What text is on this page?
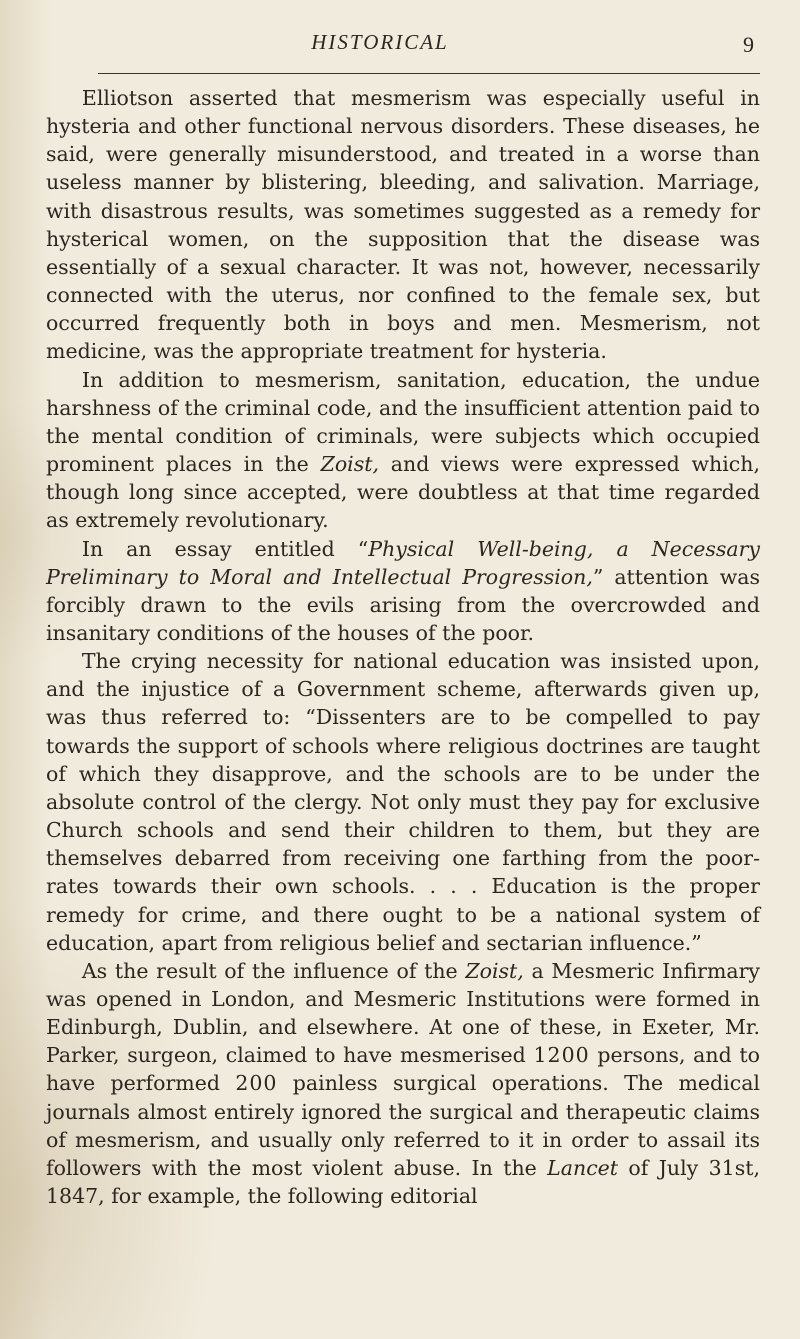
HISTORICAL	9

Elliotson asserted that mesmerism was especially useful in hysteria and other functional nervous disorders. These diseases, he said, were generally misunderstood, and treated in a worse than useless manner by blistering, bleeding, and salivation. Marriage, with disastrous results, was sometimes suggested as a remedy for hysterical women, on the supposition that the disease was essentially of a sexual character. It was not, however, necessarily connected with the uterus, nor confined to the female sex, but occurred frequently both in boys and men. Mesmerism, not medicine, was the appropriate treatment for hysteria.

In addition to mesmerism, sanitation, education, the undue harshness of the criminal code, and the insufficient attention paid to the mental condition of criminals, were subjects which occupied prominent places in the Zoist, and views were expressed which, though long since accepted, were doubtless at that time regarded as extremely revolutionary.

In an essay entitled “Physical Well-being, a Necessary Preliminary to Moral and Intellectual Progression,” attention was forcibly drawn to the evils arising from the overcrowded and insanitary conditions of the houses of the poor.

The crying necessity for national education was insisted upon, and the injustice of a Government scheme, afterwards given up, was thus referred to: “Dissenters are to be compelled to pay towards the support of schools where religious doctrines are taught of which they disapprove, and the schools are to be under the absolute control of the clergy. Not only must they pay for exclusive Church schools and send their children to them, but they are themselves debarred from receiving one farthing from the poor-rates towards their own schools. . . . Education is the proper remedy for crime, and there ought to be a national system of education, apart from religious belief and sectarian influence.”

As the result of the influence of the Zoist, a Mesmeric Infirmary was opened in London, and Mesmeric Institutions were formed in Edinburgh, Dublin, and elsewhere. At one of these, in Exeter, Mr. Parker, surgeon, claimed to have mesmerised 1200 persons, and to have performed 200 painless surgical operations. The medical journals almost entirely ignored the surgical and therapeutic claims of mesmerism, and usually only referred to it in order to assail its followers with the most violent abuse. In the Lancet of July 31st, 1847, for example, the following editorial
